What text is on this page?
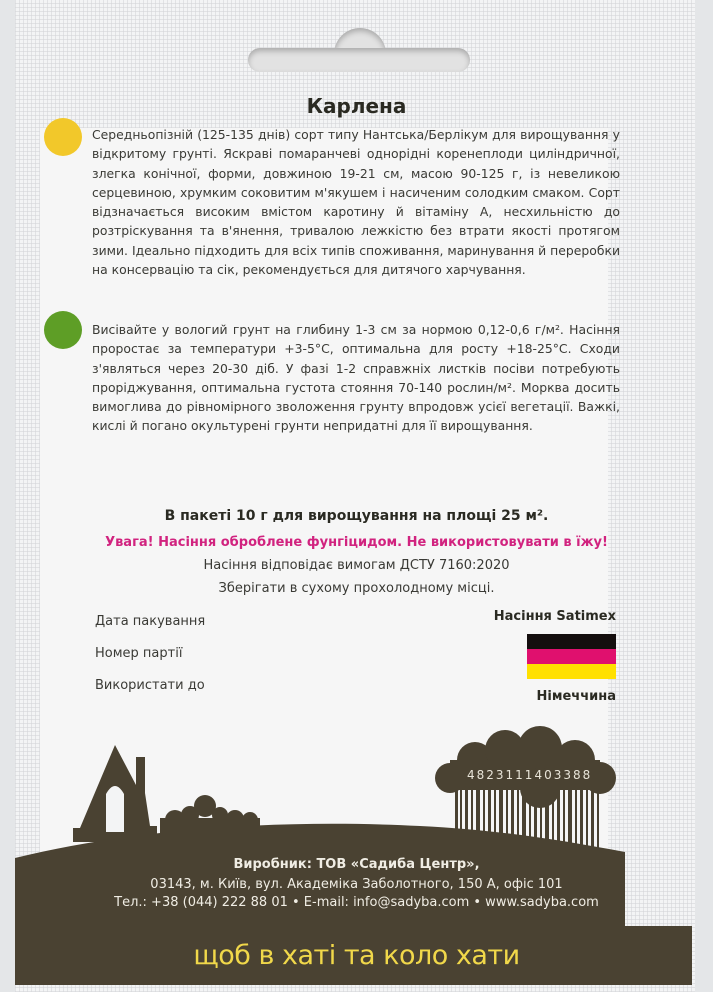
Карлена
Середньопізній (125-135 днів) сорт типу Нантська/Берлікум для вирощування у відкритому грунті. Яскраві помаранчеві однорідні коренеплоди циліндричної, злегка конічної, форми, довжиною 19-21 см, масою 90-125 г, із невеликою серцевиною, хрумким соковитим м'якушем і насиченим солодким смаком. Сорт відзначається високим вмістом каротину й вітаміну А, несхильністю до розтріскування та в'янення, тривалою лежкістю без втрати якості протягом зими. Ідеально підходить для всіх типів споживання, маринування й переробки на консервацію та сік, рекомендується для дитячого харчування.
Висівайте у вологий грунт на глибину 1-3 см за нормою 0,12-0,6 г/м². Насіння проростає за температури +3-5°С, оптимальна для росту +18-25°С. Сходи з'являться через 20-30 діб. У фазі 1-2 справжніх листків посіви потребують проріджування, оптимальна густота стояння 70-140 рослин/м². Морква досить вимоглива до рівномірного зволоження грунту впродовж усієї вегетації. Важкі, кислі й погано окультурені грунти непридатні для її вирощування.
В пакеті 10 г для вирощування на площі 25 м².
Увага! Насіння оброблене фунгіцидом. Не використовувати в їжу!
Насіння відповідає вимогам ДСТУ 7160:2020
Зберігати в сухому прохолодному місці.
Дата пакування
Номер партії
Використати до
Насіння Satimex
Німеччина
4823111403388
Виробник: ТОВ «Садиба Центр»,
03143, м. Київ, вул. Академіка Заболотного, 150 А, офіс 101
Тел.: +38 (044) 222 88 01 • E-mail: info@sadyba.com • www.sadyba.com
щоб в хаті та коло хати
